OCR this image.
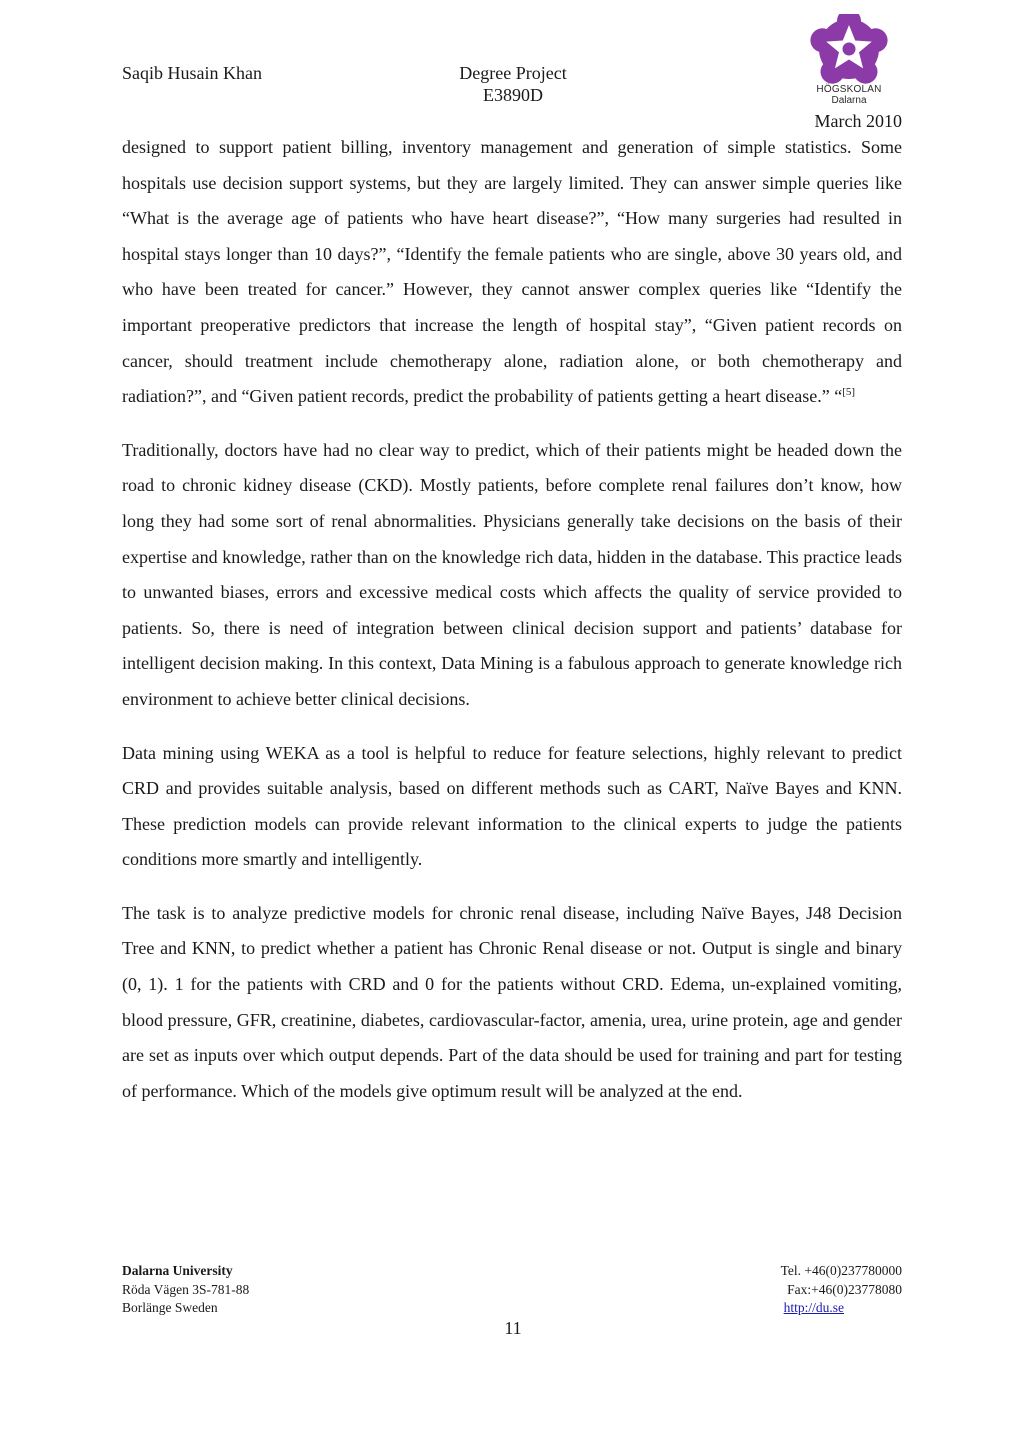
Saqib Husain Khan	Degree Project
E3890D
March 2010
HÖGSKOLAN
Dalarna

designed to support patient billing, inventory management and generation of simple statistics. Some hospitals use decision support systems, but they are largely limited. They can answer simple queries like “What is the average age of patients who have heart disease?”, “How many surgeries had resulted in hospital stays longer than 10 days?”, “Identify the female patients who are single, above 30 years old, and who have been treated for cancer.” However, they cannot answer complex queries like “Identify the important preoperative predictors that increase the length of hospital stay”, “Given patient records on cancer, should treatment include chemotherapy alone, radiation alone, or both chemotherapy and radiation?”, and “Given patient records, predict the probability of patients getting a heart disease.” “[5]

Traditionally, doctors have had no clear way to predict, which of their patients might be headed down the road to chronic kidney disease (CKD). Mostly patients, before complete renal failures don’t know, how long they had some sort of renal abnormalities. Physicians generally take decisions on the basis of their expertise and knowledge, rather than on the knowledge rich data, hidden in the database. This practice leads to unwanted biases, errors and excessive medical costs which affects the quality of service provided to patients. So, there is need of integration between clinical decision support and patients’ database for intelligent decision making. In this context, Data Mining is a fabulous approach to generate knowledge rich environment to achieve better clinical decisions.

Data mining using WEKA as a tool is helpful to reduce for feature selections, highly relevant to predict CRD and provides suitable analysis, based on different methods such as CART, Naïve Bayes and KNN. These prediction models can provide relevant information to the clinical experts to judge the patients conditions more smartly and intelligently.

The task is to analyze predictive models for chronic renal disease, including Naïve Bayes, J48 Decision Tree and KNN, to predict whether a patient has Chronic Renal disease or not. Output is single and binary (0, 1). 1 for the patients with CRD and 0 for the patients without CRD. Edema, un-explained vomiting, blood pressure, GFR, creatinine, diabetes, cardiovascular-factor, amenia, urea, urine protein, age and gender are set as inputs over which output depends. Part of the data should be used for training and part for testing of performance. Which of the models give optimum result will be analyzed at the end.

Dalarna University
Röda Vägen 3S-781-88
Borlänge Sweden
Tel. +46(0)237780000
Fax:+46(0)23778080
http://du.se
11
